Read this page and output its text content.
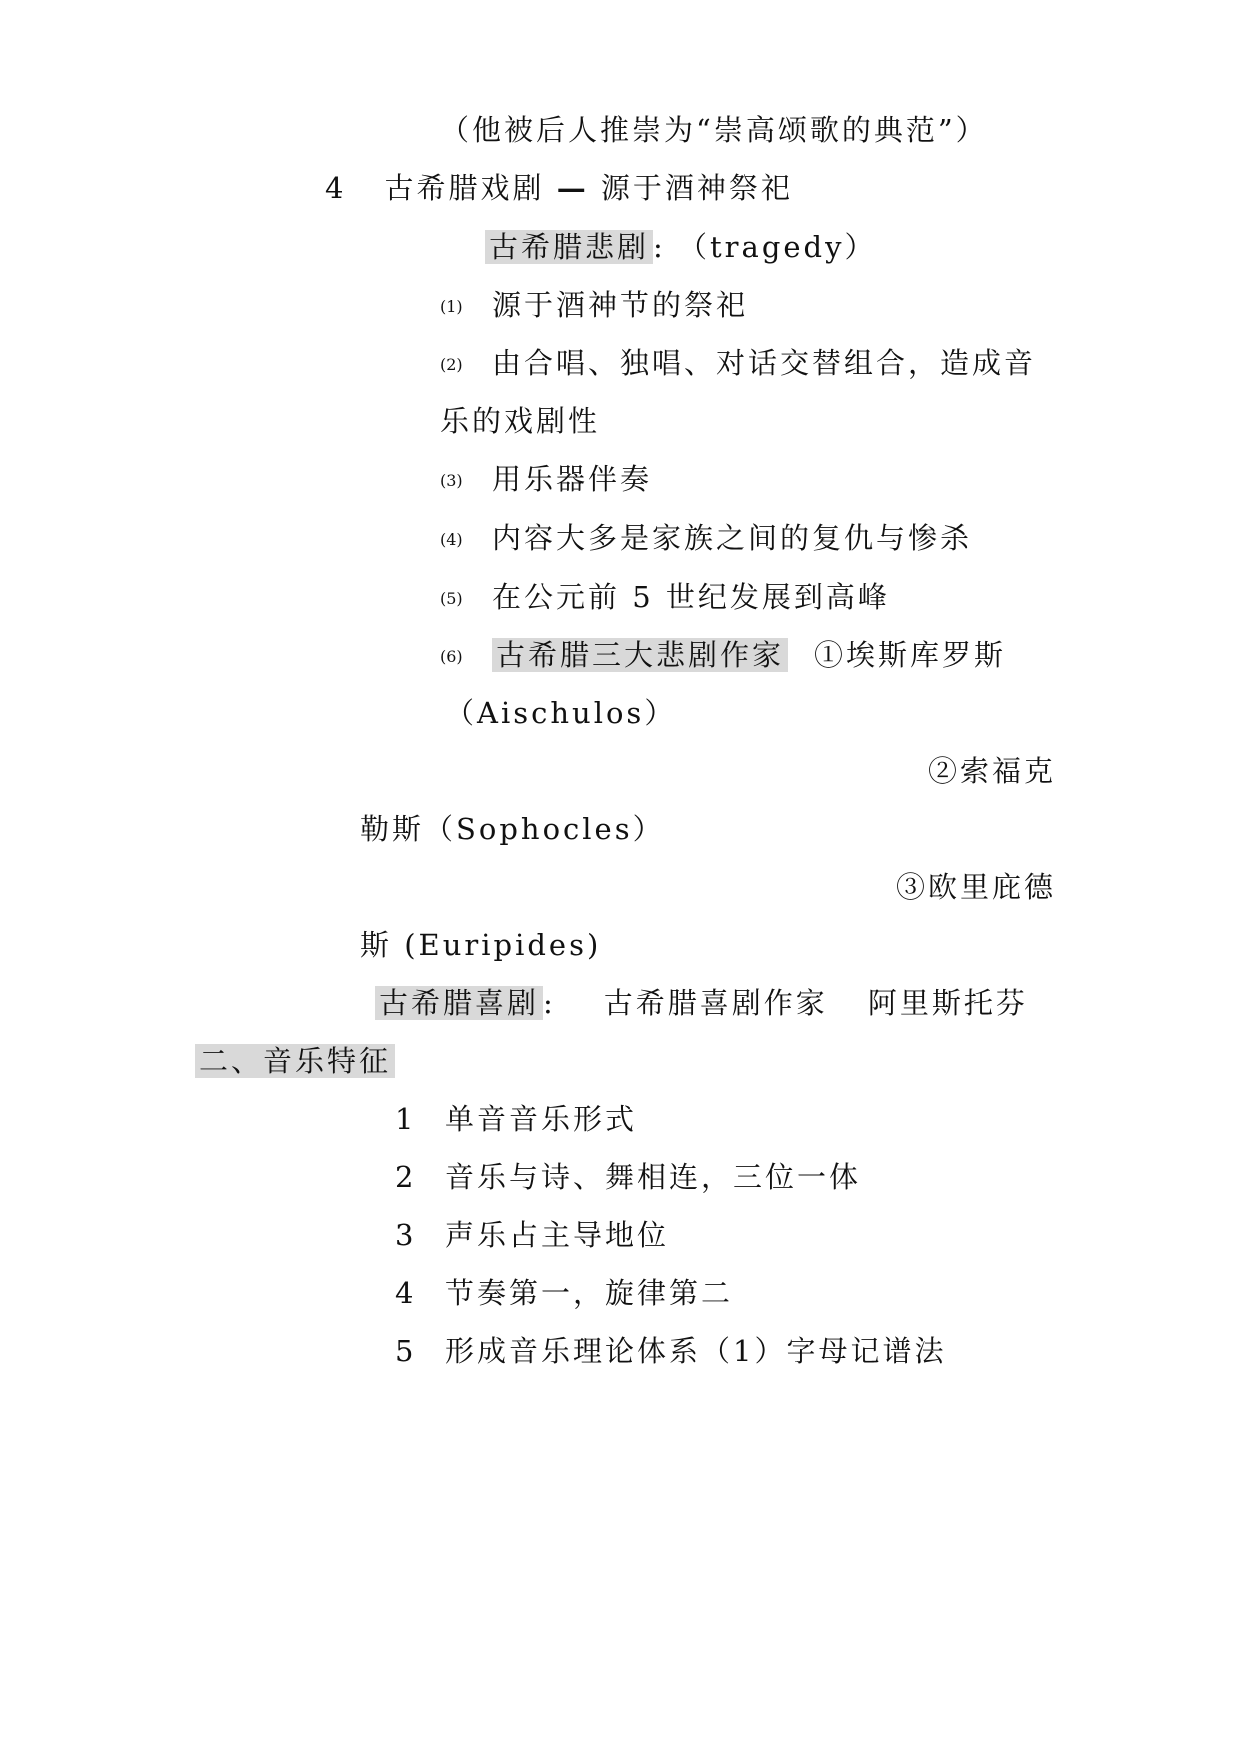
（他被后人推崇为“崇高颂歌的典范”）
4 古希腊戏剧 — 源于酒神祭祀
古希腊悲剧 : （tragedy）
(1) 源于酒神节的祭祀
(2) 由合唱、独唱、对话交替组合，造成音
乐的戏剧性
(3) 用乐器伴奏
(4) 内容大多是家族之间的复仇与惨杀
(5) 在公元前 5 世纪发展到高峰
(6) 古希腊三大悲剧作家 ①埃斯库罗斯
（Aischulos）
②索福克
勒斯（Sophocles）
③欧里庇德
斯 (Euripides)
古希腊喜剧 : 古希腊喜剧作家 阿里斯托芬
二、音乐特征
1 单音音乐形式
2 音乐与诗、舞相连，三位一体
3 声乐占主导地位
4 节奏第一，旋律第二
5 形成音乐理论体系（1）字母记谱法
